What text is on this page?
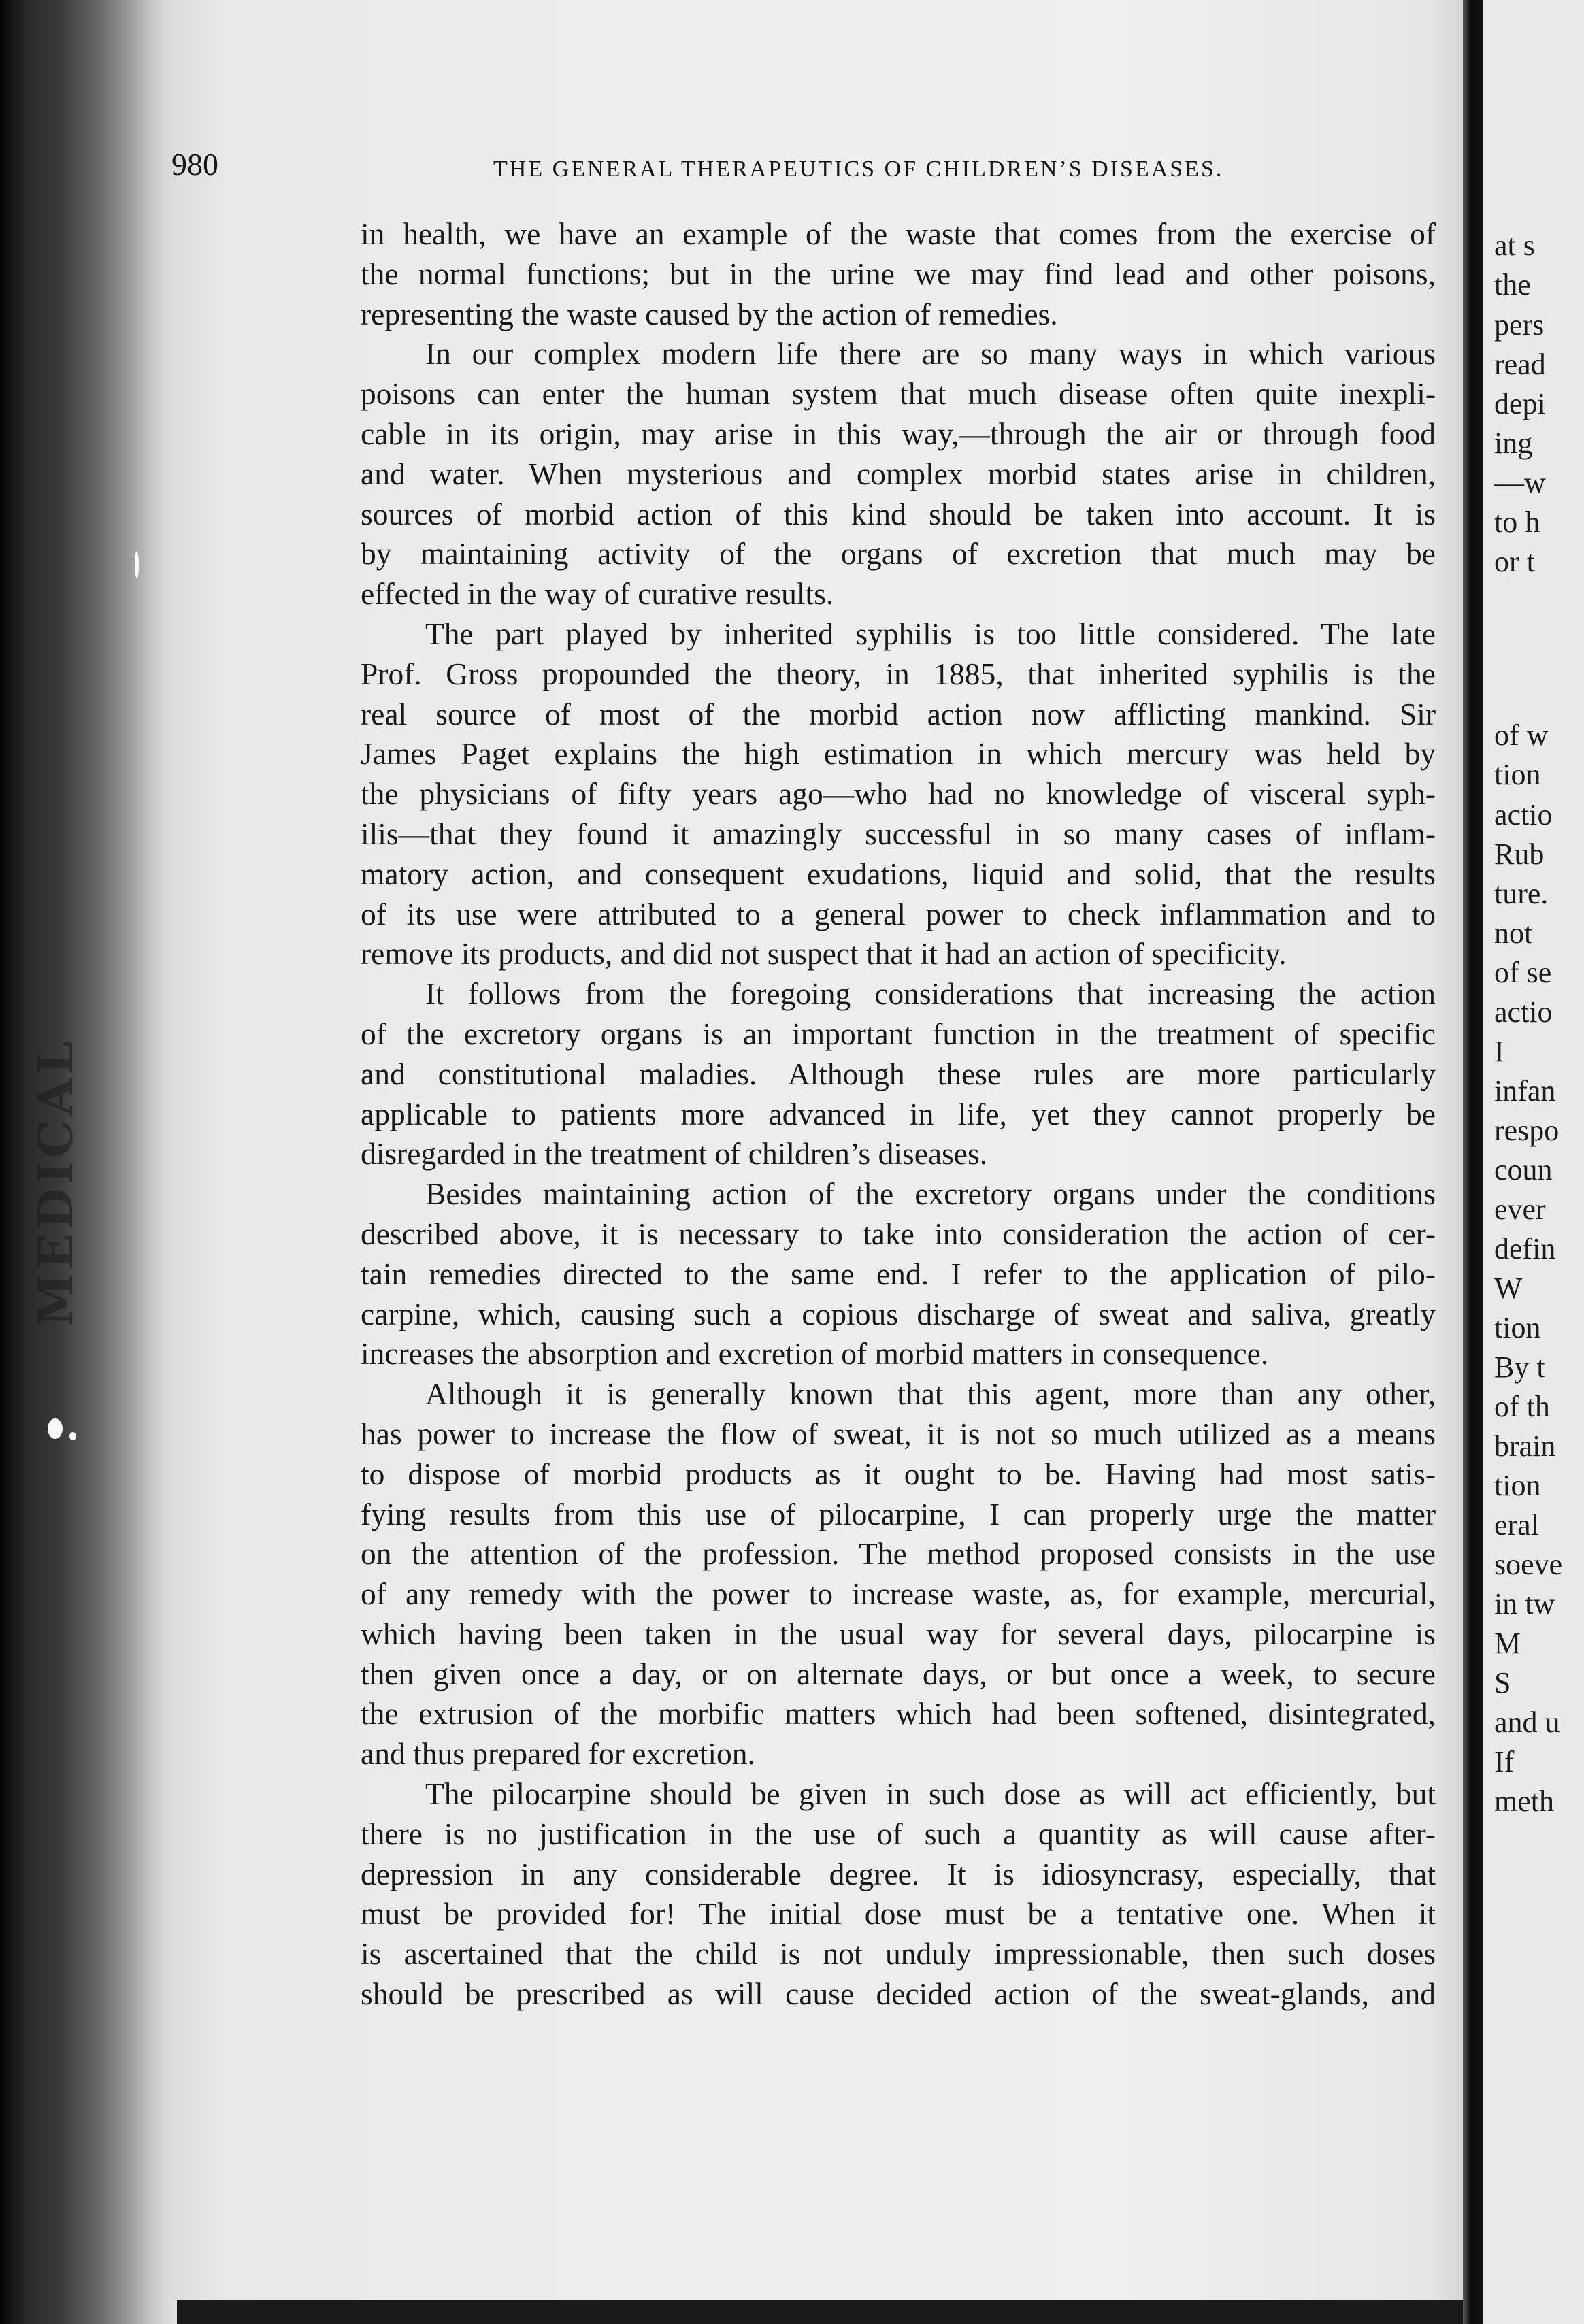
MEDICAL
980	THE GENERAL THERAPEUTICS OF CHILDREN’S DISEASES.
in health, we have an example of the waste that comes from the exercise of
the normal functions; but in the urine we may find lead and other poisons,
representing the waste caused by the action of remedies.
In our complex modern life there are so many ways in which various
poisons can enter the human system that much disease often quite inexpli-
cable in its origin, may arise in this way,—through the air or through food
and water. When mysterious and complex morbid states arise in children,
sources of morbid action of this kind should be taken into account. It is
by maintaining activity of the organs of excretion that much may be
effected in the way of curative results.
The part played by inherited syphilis is too little considered. The late
Prof. Gross propounded the theory, in 1885, that inherited syphilis is the
real source of most of the morbid action now afflicting mankind. Sir
James Paget explains the high estimation in which mercury was held by
the physicians of fifty years ago—who had no knowledge of visceral syph-
ilis—that they found it amazingly successful in so many cases of inflam-
matory action, and consequent exudations, liquid and solid, that the results
of its use were attributed to a general power to check inflammation and to
remove its products, and did not suspect that it had an action of specificity.
It follows from the foregoing considerations that increasing the action
of the excretory organs is an important function in the treatment of specific
and constitutional maladies. Although these rules are more particularly
applicable to patients more advanced in life, yet they cannot properly be
disregarded in the treatment of children’s diseases.
Besides maintaining action of the excretory organs under the conditions
described above, it is necessary to take into consideration the action of cer-
tain remedies directed to the same end. I refer to the application of pilo-
carpine, which, causing such a copious discharge of sweat and saliva, greatly
increases the absorption and excretion of morbid matters in consequence.
Although it is generally known that this agent, more than any other,
has power to increase the flow of sweat, it is not so much utilized as a means
to dispose of morbid products as it ought to be. Having had most satis-
fying results from this use of pilocarpine, I can properly urge the matter
on the attention of the profession. The method proposed consists in the use
of any remedy with the power to increase waste, as, for example, mercurial,
which having been taken in the usual way for several days, pilocarpine is
then given once a day, or on alternate days, or but once a week, to secure
the extrusion of the morbific matters which had been softened, disintegrated,
and thus prepared for excretion.
The pilocarpine should be given in such dose as will act efficiently, but
there is no justification in the use of such a quantity as will cause after-
depression in any considerable degree. It is idiosyncrasy, especially, that
must be provided for! The initial dose must be a tentative one. When it
is ascertained that the child is not unduly impressionable, then such doses
should be prescribed as will cause decided action of the sweat-glands, and
at s
the
pers
read
depi
ing
—w
to h
or t
of w
tion
actio
Rub
ture.
not
of se
actio
I
infan
respo
coun
ever
defin
W
tion
By t
of th
brain
tion
eral
soeve
in tw
M
S
and u
If
meth
